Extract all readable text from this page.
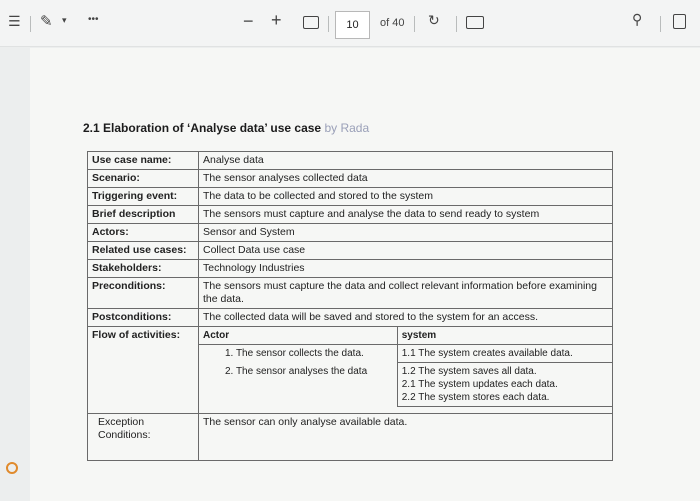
☰ ✎ ▾ •••	− +	10	of 40 ↻	⚲
2.1 Elaboration of ‘Analyse data’ use case by Rada
Use case name:	Analyse data
Scenario:	The sensor analyses collected data
Triggering event:	The data to be collected and stored to the system
Brief description	The sensors must capture and analyse the data to send ready to system
Actors:	Sensor and System
Related use cases:	Collect Data use case
Stakeholders:	Technology Industries
Preconditions:	The sensors must capture the data and collect relevant information before examining the data.
Postconditions:	The collected data will be saved and stored to the system for an access.
Flow of activities:	Actor	system
1. The sensor collects the data.	1.1 The system creates available data.
2. The sensor analyses the data	1.2 The system saves all data.
2.1 The system updates each data.
2.2 The system stores each data.

Exception Conditions:	The sensor can only analyse available data.
